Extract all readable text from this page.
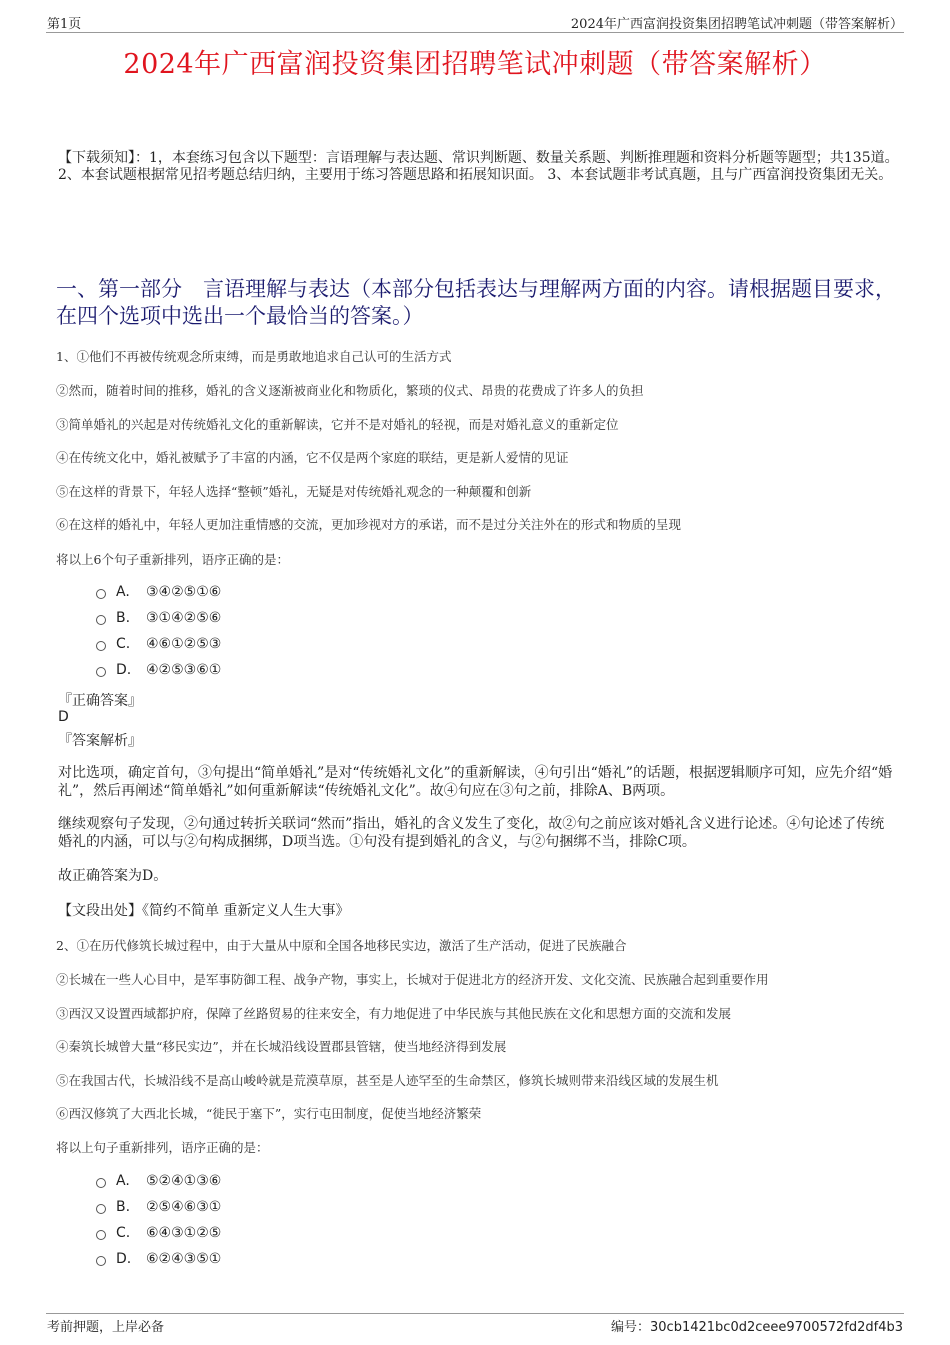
第1页	2024年广西富润投资集团招聘笔试冲刺题（带答案解析）
2024年广西富润投资集团招聘笔试冲刺题（带答案解析）
【下载须知】：1，本套练习包含以下题型：言语理解与表达题、常识判断题、数量关系题、判断推理题和资料分析题等题型；共135道。 2、本套试题根据常见招考题总结归纳，主要用于练习答题思路和拓展知识面。 3、本套试题非考试真题，且与广西富润投资集团无关。
一、第一部分　言语理解与表达（本部分包括表达与理解两方面的内容。请根据题目要求，在四个选项中选出一个最恰当的答案。）
1、①他们不再被传统观念所束缚，而是勇敢地追求自己认可的生活方式
②然而，随着时间的推移，婚礼的含义逐渐被商业化和物质化，繁琐的仪式、昂贵的花费成了许多人的负担
③简单婚礼的兴起是对传统婚礼文化的重新解读，它并不是对婚礼的轻视，而是对婚礼意义的重新定位
④在传统文化中，婚礼被赋予了丰富的内涵，它不仅是两个家庭的联结，更是新人爱情的见证
⑤在这样的背景下，年轻人选择“整顿”婚礼，无疑是对传统婚礼观念的一种颠覆和创新
⑥在这样的婚礼中，年轻人更加注重情感的交流，更加珍视对方的承诺，而不是过分关注外在的形式和物质的呈现
将以上6个句子重新排列，语序正确的是：
A.	③④②⑤①⑥
B.	③①④②⑤⑥
C.	④⑥①②⑤③
D.	④②⑤③⑥①
『正确答案』
D
『答案解析』
对比选项，确定首句，③句提出“简单婚礼”是对“传统婚礼文化”的重新解读，④句引出“婚礼”的话题，根据逻辑顺序可知，应先介绍“婚礼”，然后再阐述“简单婚礼”如何重新解读“传统婚礼文化”。故④句应在③句之前，排除A、B两项。
继续观察句子发现，②句通过转折关联词“然而”指出，婚礼的含义发生了变化，故②句之前应该对婚礼含义进行论述。④句论述了传统婚礼的内涵，可以与②句构成捆绑，D项当选。①句没有提到婚礼的含义，与②句捆绑不当，排除C项。
故正确答案为D。
【文段出处】《简约不简单 重新定义人生大事》
2、①在历代修筑长城过程中，由于大量从中原和全国各地移民实边，激活了生产活动，促进了民族融合
②长城在一些人心目中，是军事防御工程、战争产物，事实上，长城对于促进北方的经济开发、文化交流、民族融合起到重要作用
③西汉又设置西域都护府，保障了丝路贸易的往来安全，有力地促进了中华民族与其他民族在文化和思想方面的交流和发展
④秦筑长城曾大量“移民实边”，并在长城沿线设置郡县管辖，使当地经济得到发展
⑤在我国古代，长城沿线不是高山峻岭就是荒漠草原，甚至是人迹罕至的生命禁区，修筑长城则带来沿线区域的发展生机
⑥西汉修筑了大西北长城，“徙民于塞下”，实行屯田制度，促使当地经济繁荣
将以上句子重新排列，语序正确的是：
A.	⑤②④①③⑥
B.	②⑤④⑥③①
C.	⑥④③①②⑤
D.	⑥②④③⑤①
考前押题，上岸必备	编号：30cb1421bc0d2ceee9700572fd2df4b3
